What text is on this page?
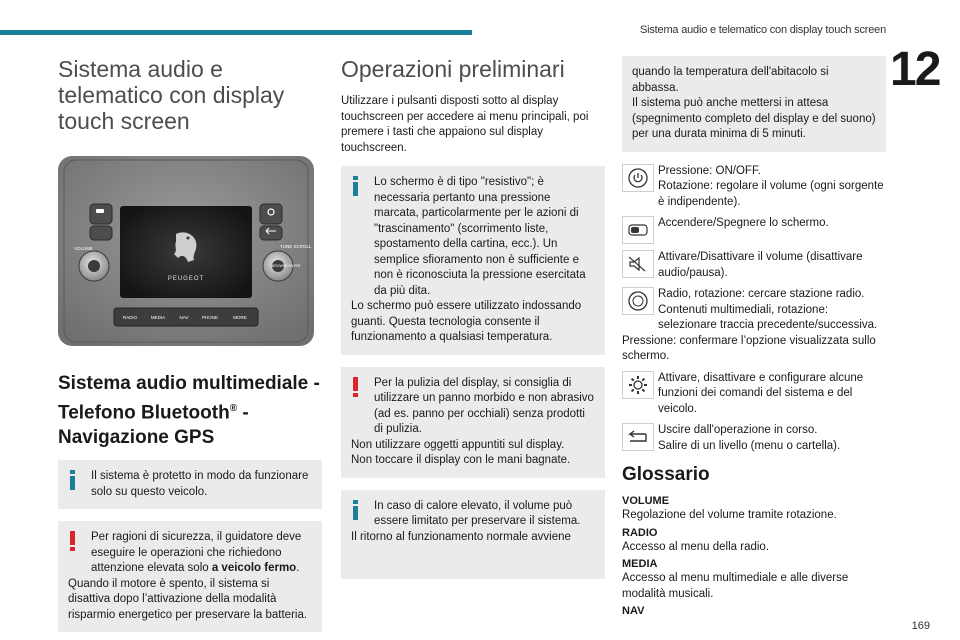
Sistema audio e telematico con display touch screen
12
169
Sistema audio e telematico con display touch screen
PEUGEOT
VOLUME	TUNE SCROLL
BROWSE ENTER
RADIO	MEDIA	NAV	PHONE	MORE
Sistema audio multimediale - Telefono Bluetooth® - Navigazione GPS

Il sistema è protetto in modo da funzionare solo su questo veicolo.

Per ragioni di sicurezza, il guidatore deve eseguire le operazioni che richiedono attenzione elevata solo a veicolo fermo.

Quando il motore è spento, il sistema si disattiva dopo l’attivazione della modalità risparmio energetico per preservare la batteria.

Operazioni preliminari

Utilizzare i pulsanti disposti sotto al display touchscreen per accedere ai menu principali, poi premere i tasti che appaiono sul display touchscreen.

Lo schermo è di tipo "resistivo"; è necessaria pertanto una pressione marcata, particolarmente per le azioni di "trascinamento" (scorrimento liste, spostamento della cartina, ecc.). Un semplice sfioramento non è sufficiente e non è riconosciuta la pressione esercitata da più dita.

Lo schermo può essere utilizzato indossando guanti. Questa tecnologia consente il funzionamento a qualsiasi temperatura.

Per la pulizia del display, si consiglia di utilizzare un panno morbido e non abrasivo (ad es. panno per occhiali) senza prodotti di pulizia.

Non utilizzare oggetti appuntiti sul display.

Non toccare il display con le mani bagnate.

In caso di calore elevato, il volume può essere limitato per preservare il sistema.

Il ritorno al funzionamento normale avviene

quando la temperatura dell'abitacolo si abbassa.

Il sistema può anche mettersi in attesa (spegnimento completo del display e del suono) per una durata minima di 5 minuti.

Pressione: ON/OFF.
Rotazione: regolare il volume (ogni sorgente è indipendente).
Accendere/Spegnere lo schermo.
Attivare/Disattivare il volume (disattivare audio/pausa).
Radio, rotazione: cercare stazione radio.
Contenuti multimediali, rotazione: selezionare traccia precedente/successiva.
Pressione: confermare l’opzione visualizzata sullo schermo.
Attivare, disattivare e configurare alcune funzioni dei comandi del sistema e del veicolo.
Uscire dall'operazione in corso.
Salire di un livello (menu o cartella).
Glossario
VOLUME
Regolazione del volume tramite rotazione.
RADIO
Accesso al menu della radio.
MEDIA
Accesso al menu multimediale e alle diverse modalità musicali.
NAV
